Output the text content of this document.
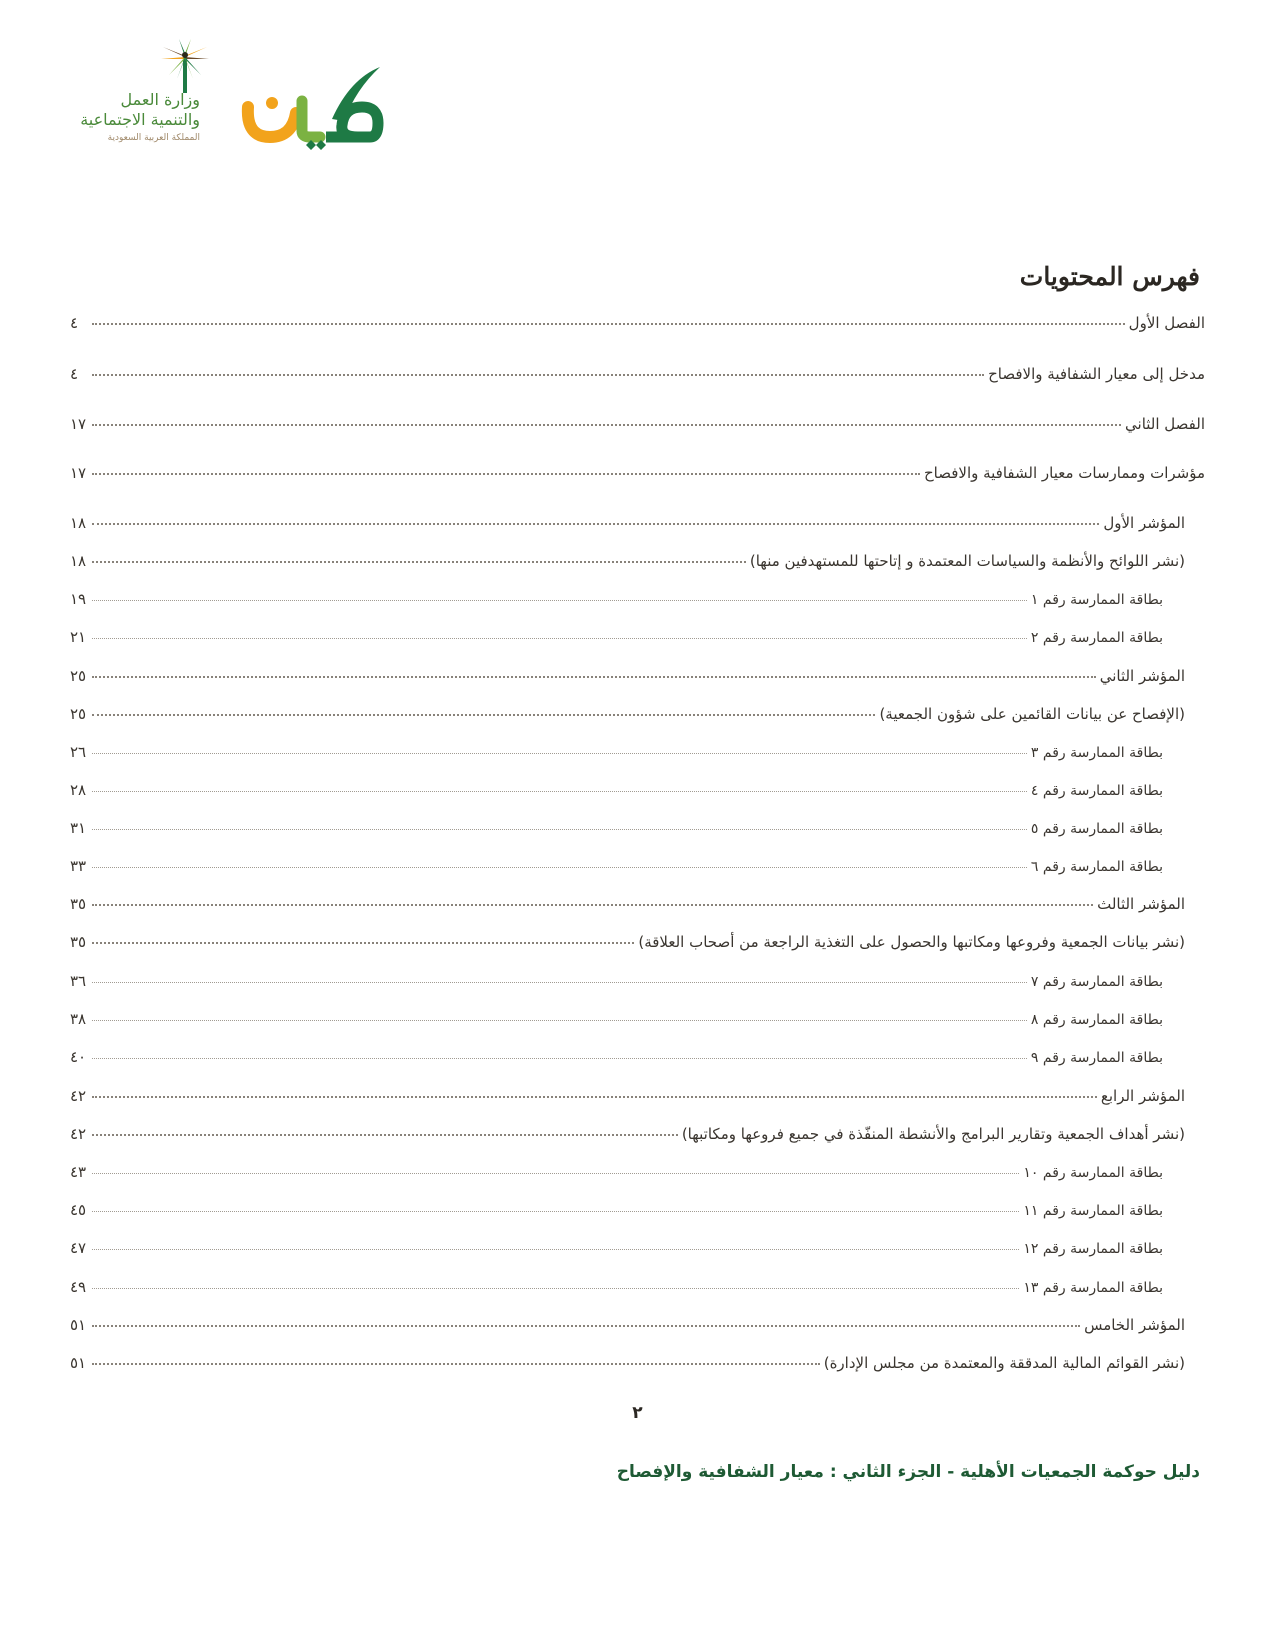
وزارة العمل
والتنمية الاجتماعية
المملكة العربية السعودية
فهرس المحتويات
الفصل الأول
٤
مدخل إلى معيار الشفافية والافصاح
٤
الفصل الثاني
١٧
مؤشرات وممارسات معيار الشفافية والافصاح
١٧
المؤشر الأول
١٨
(نشر اللوائح والأنظمة والسياسات المعتمدة و إتاحتها للمستهدفين منها)
١٨
بطاقة الممارسة رقم ١
١٩
بطاقة الممارسة رقم ٢
٢١
المؤشر الثاني
٢٥
(الإفصاح عن بيانات القائمين على شؤون الجمعية)
٢٥
بطاقة الممارسة رقم ٣
٢٦
بطاقة الممارسة رقم ٤
٢٨
بطاقة الممارسة رقم ٥
٣١
بطاقة الممارسة رقم ٦
٣٣
المؤشر الثالث
٣٥
(نشر بيانات الجمعية وفروعها ومكاتبها والحصول على التغذية الراجعة من أصحاب العلاقة)
٣٥
بطاقة الممارسة رقم ٧
٣٦
بطاقة الممارسة رقم ٨
٣٨
بطاقة الممارسة رقم ٩
٤٠
المؤشر الرابع
٤٢
(نشر أهداف الجمعية وتقارير البرامج والأنشطة المنفّذة في جميع فروعها ومكاتبها)
٤٢
بطاقة الممارسة رقم ١٠
٤٣
بطاقة الممارسة رقم ١١
٤٥
بطاقة الممارسة رقم ١٢
٤٧
بطاقة الممارسة رقم ١٣
٤٩
المؤشر الخامس
٥١
(نشر القوائم المالية المدققة والمعتمدة من مجلس الإدارة)
٥١
٢
دليل حوكمة الجمعيات الأهلية - الجزء الثاني : معيار الشفافية والإفصاح
